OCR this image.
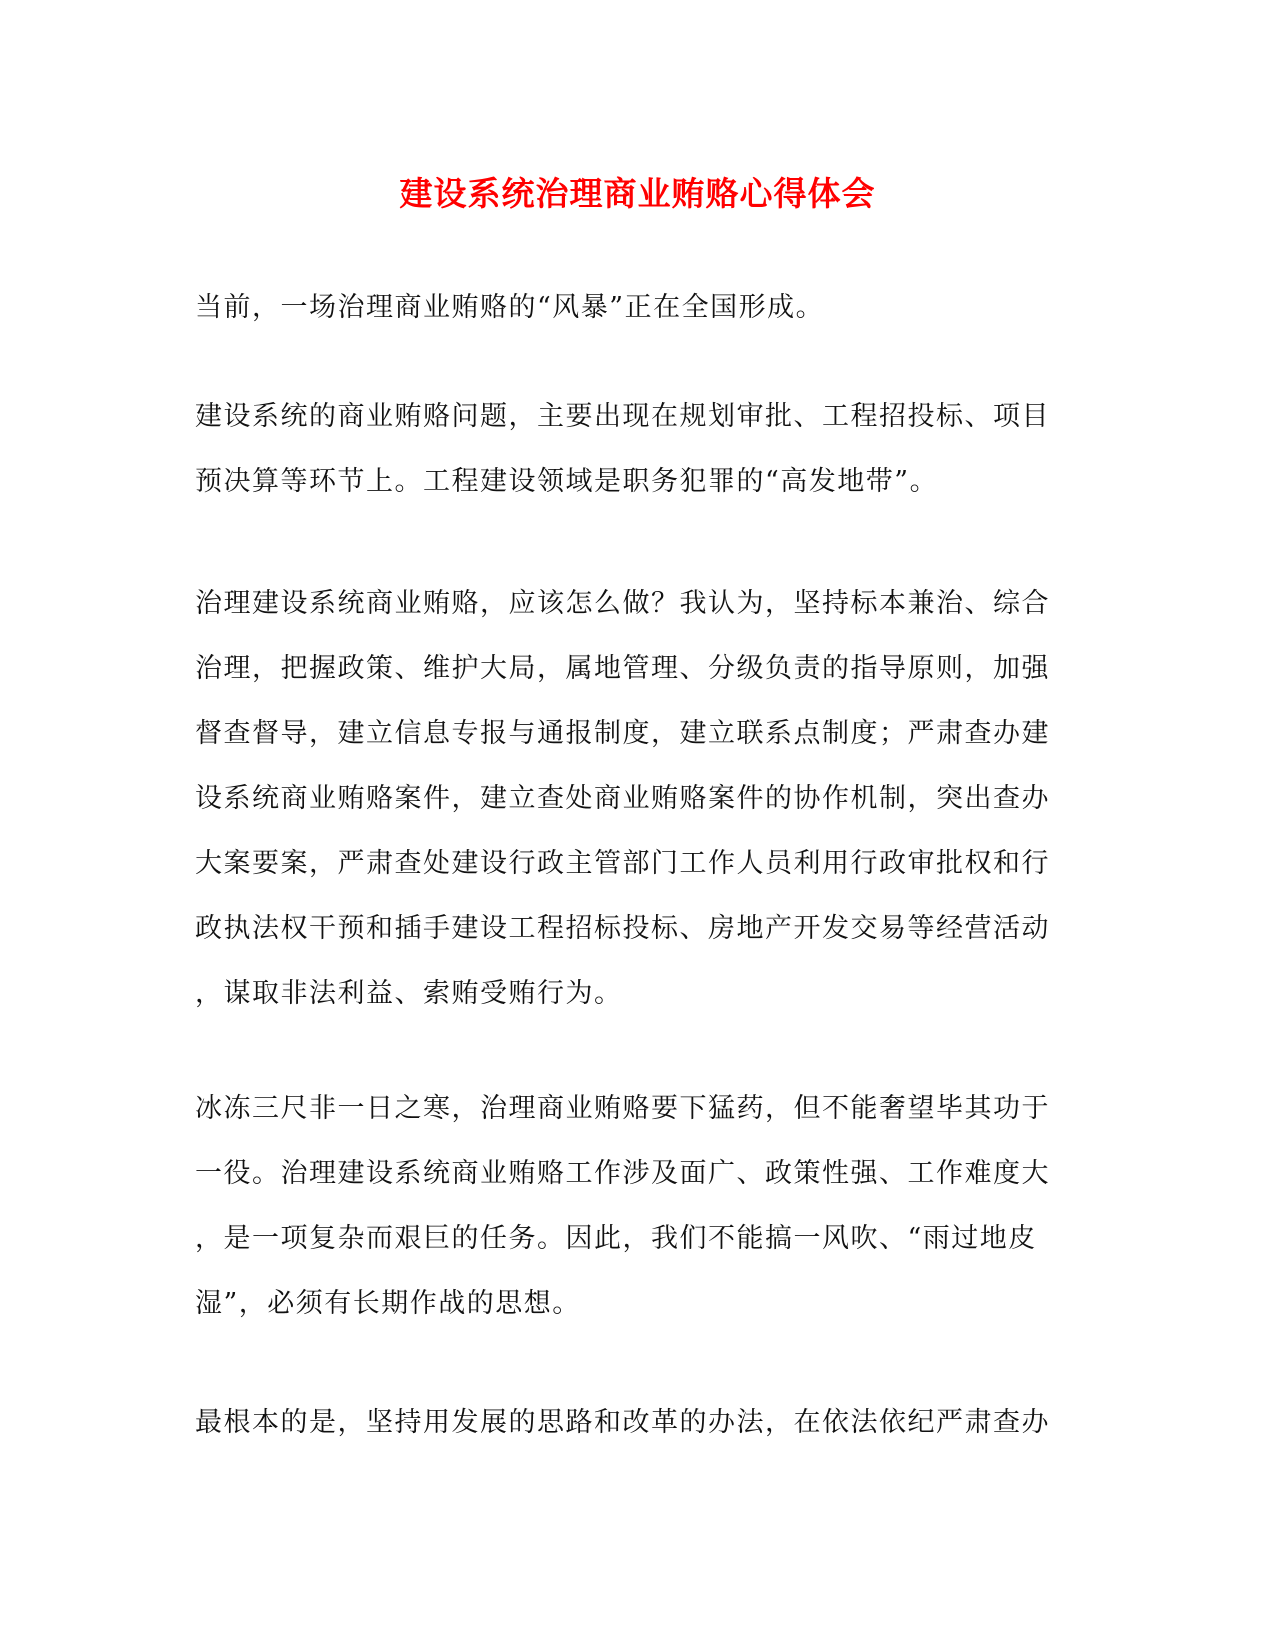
建设系统治理商业贿赂心得体会
当前，一场治理商业贿赂的“风暴”正在全国形成。
建设系统的商业贿赂问题，主要出现在规划审批、工程招投标、项目
预决算等环节上。工程建设领域是职务犯罪的“高发地带”。
治理建设系统商业贿赂，应该怎么做？我认为，坚持标本兼治、综合
治理，把握政策、维护大局，属地管理、分级负责的指导原则，加强
督查督导，建立信息专报与通报制度，建立联系点制度；严肃查办建
设系统商业贿赂案件，建立查处商业贿赂案件的协作机制，突出查办
大案要案，严肃查处建设行政主管部门工作人员利用行政审批权和行
政执法权干预和插手建设工程招标投标、房地产开发交易等经营活动
，谋取非法利益、索贿受贿行为。
冰冻三尺非一日之寒，治理商业贿赂要下猛药，但不能奢望毕其功于
一役。治理建设系统商业贿赂工作涉及面广、政策性强、工作难度大
，是一项复杂而艰巨的任务。因此，我们不能搞一风吹、“雨过地皮
湿”，必须有长期作战的思想。
最根本的是，坚持用发展的思路和改革的办法，在依法依纪严肃查办
